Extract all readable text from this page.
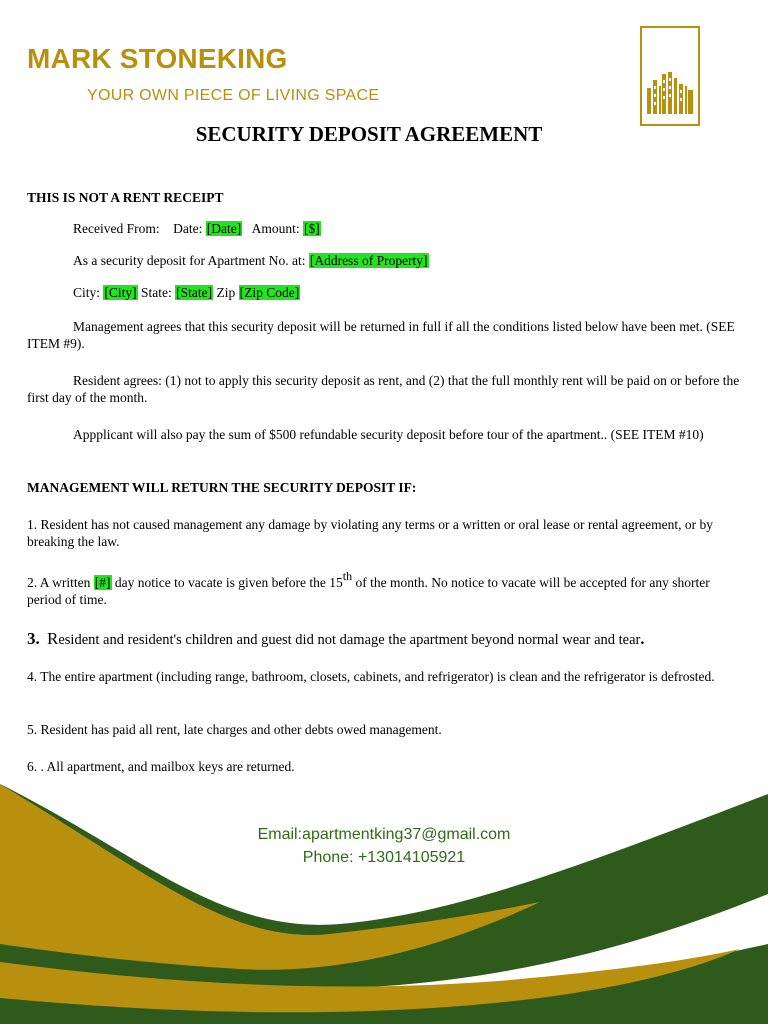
MARK STONEKING
YOUR OWN PIECE OF LIVING SPACE
SECURITY DEPOSIT AGREEMENT
THIS IS NOT A RENT RECEIPT

Received From: Date: [Date] Amount: [$]

As a security deposit for Apartment No. at: [Address of Property]

City: [City] State: [State] Zip [Zip Code]

Management agrees that this security deposit will be returned in full if all the conditions listed below have been met. (SEE ITEM #9).

Resident agrees: (1) not to apply this security deposit as rent, and (2) that the full monthly rent will be paid on or before the first day of the month.

Appplicant will also pay the sum of $500 refundable security deposit before tour of the apartment.. (SEE ITEM #10)

MANAGEMENT WILL RETURN THE SECURITY DEPOSIT IF:

1. Resident has not caused management any damage by violating any terms or a written or oral lease or rental agreement, or by breaking the law.

2. A written [#] day notice to vacate is given before the 15th of the month. No notice to vacate will be accepted for any shorter period of time.

3. Resident and resident's children and guest did not damage the apartment beyond normal wear and tear.

4. The entire apartment (including range, bathroom, closets, cabinets, and refrigerator) is clean and the refrigerator is defrosted.

5. Resident has paid all rent, late charges and other debts owed management.

6. . All apartment, and mailbox keys are returned.

Email:apartmentking37@gmail.com

Phone: +13014105921
